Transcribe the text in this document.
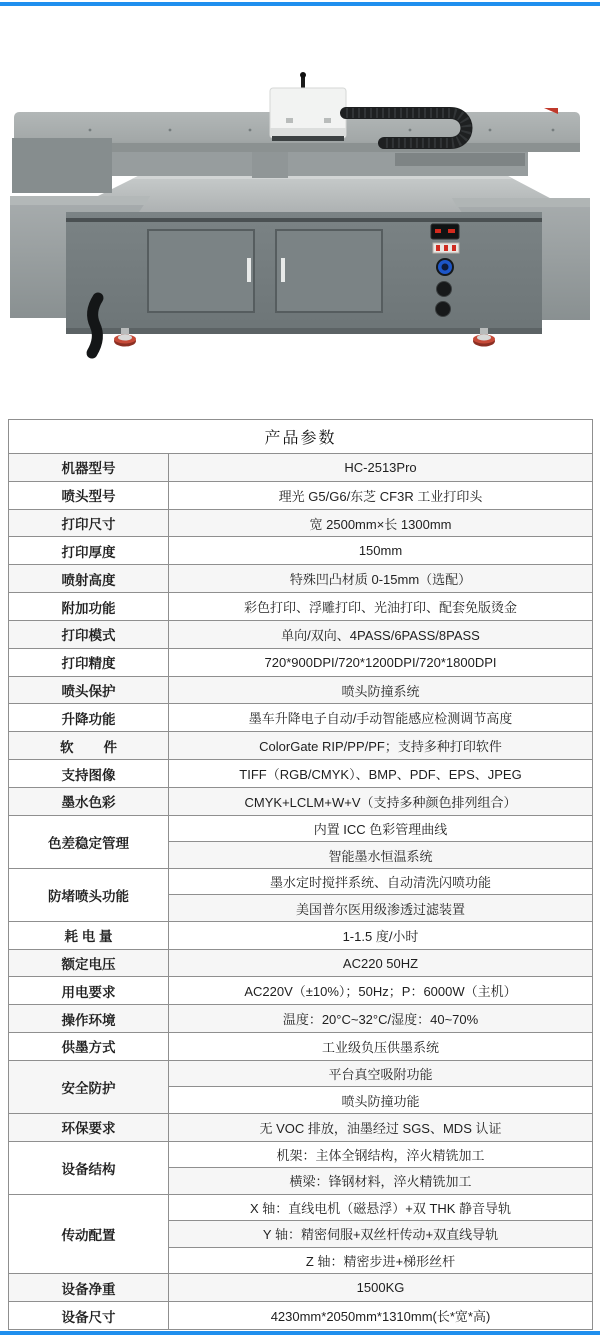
产品参数	
机器型号	HC-2513Pro
喷头型号	理光 G5/G6/东芝 CF3R 工业打印头
打印尺寸	宽 2500mm×长 1300mm
打印厚度	150mm
喷射高度	特殊凹凸材质 0-15mm（选配）
附加功能	彩色打印、浮雕打印、光油打印、配套免版烫金
打印模式	单向/双向、4PASS/6PASS/8PASS
打印精度	720*900DPI/720*1200DPI/720*1800DPI
喷头保护	喷头防撞系统
升降功能	墨车升降电子自动/手动智能感应检测调节高度
软        件	ColorGate RIP/PP/PF；支持多种打印软件
支持图像	TIFF（RGB/CMYK）、BMP、PDF、EPS、JPEG
墨水色彩	CMYK+LCLM+W+V（支持多种颜色排列组合）
色差稳定管理	内置 ICC 色彩管理曲线
	智能墨水恒温系统
防堵喷头功能	墨水定时搅拌系统、自动清洗闪喷功能
	美国普尔医用级渗透过滤装置
耗 电 量	1-1.5 度/小时
额定电压	AC220 50HZ
用电要求	AC220V（±10%）；50Hz；P：6000W（主机）
操作环境	温度：20°C~32°C/湿度：40~70%
供墨方式	工业级负压供墨系统
安全防护	平台真空吸附功能
	喷头防撞功能
环保要求	无 VOC 排放，油墨经过 SGS、MDS 认证
设备结构	机架：主体全钢结构，淬火精铣加工
	横梁：锋钢材料，淬火精铣加工
传动配置	X 轴：直线电机（磁悬浮）+双 THK 静音导轨
	Y 轴：精密伺服+双丝杆传动+双直线导轨
	Z 轴：精密步进+梯形丝杆
设备净重	1500KG
设备尺寸	4230mm*2050mm*1310mm(长*宽*高)
